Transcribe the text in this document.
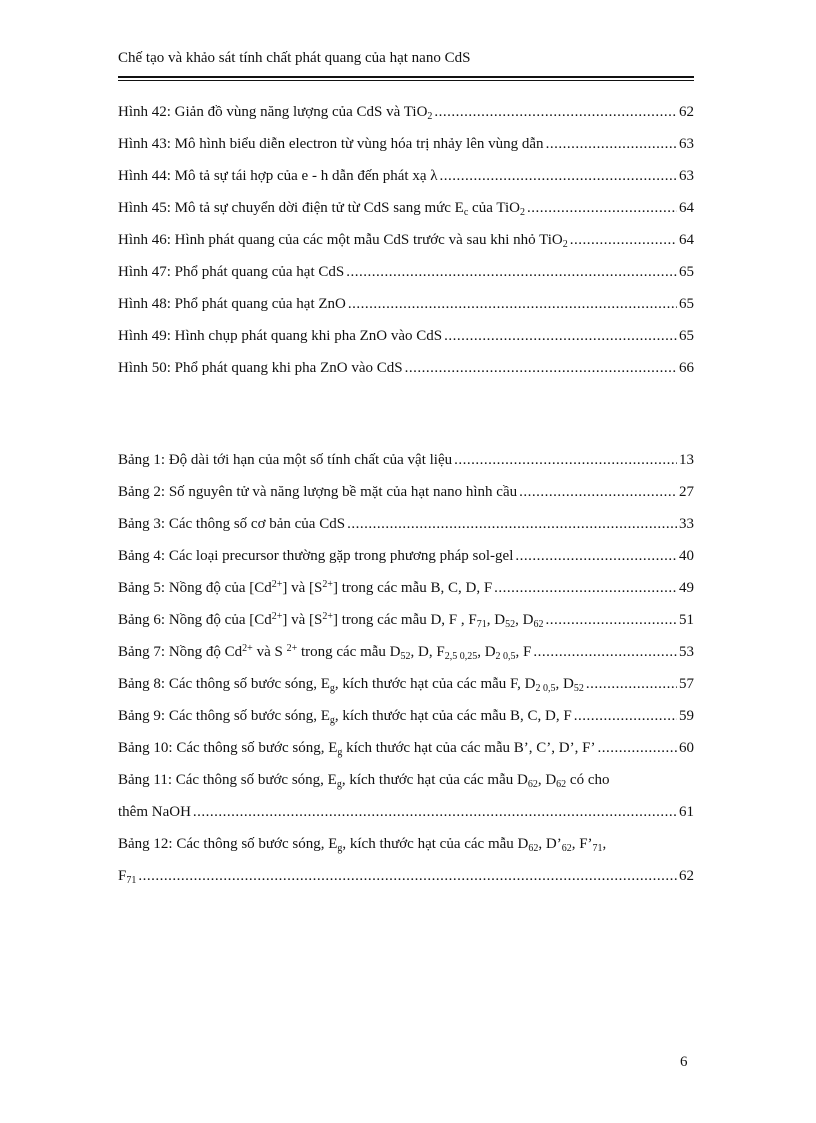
Chế tạo và khảo sát tính chất phát quang của hạt nano CdS
Hình 42: Giản đồ vùng năng lượng của CdS và TiO$_2$ .....	62
Hình 43: Mô hình biểu diễn electron từ vùng hóa trị nhảy lên vùng dẫn .....	63
Hình 44: Mô tả sự tái hợp của e - h dẫn đến phát xạ λ .....	63
Hình 45: Mô tả sự chuyển dời điện tử từ CdS sang mức $E_c$ của TiO$_2$ .....	64
Hình 46: Hình phát quang của các một mẫu CdS trước và sau khi nhỏ TiO$_2$ .....	64
Hình 47: Phổ phát quang của hạt CdS .....	65
Hình 48: Phổ phát quang của hạt ZnO .....	65
Hình 49: Hình chụp phát quang khi pha ZnO vào CdS .....	65
Hình 50: Phổ phát quang khi pha ZnO vào CdS .....	66
Bảng 1: Độ dài tới hạn của một số tính chất của vật liệu .....	13
Bảng 2: Số nguyên tử và năng lượng bề mặt của hạt nano hình cầu .....	27
Bảng 3: Các thông số cơ bản của CdS .....	33
Bảng 4: Các loại precursor thường gặp trong phương pháp sol-gel .....	40
Bảng 5: Nồng độ của $[Cd^{2+}]$ và $[S^{2+}]$ trong các mẫu B, C, D, F .....	49
Bảng 6: Nồng độ của $[Cd^{2+}]$ và $[S^{2+}]$ trong các mẫu D, F , $F_{71}$, $D_{52}$, $D_{62}$ .....	51
Bảng 7: Nồng độ $Cd^{2+}$ và S $^{2+}$ trong các mẫu $D_{52}$, D, $F_{2,5 0,25}$, $D_{2 0,5}$, F .....	53
Bảng 8: Các thông số bước sóng, $E_g$, kích thước hạt của các mẫu F, $D_{2 0,5}$, $D_{52}$ .....	57
Bảng 9: Các thông số bước sóng, $E_g$, kích thước hạt của các mẫu B, C, D, F .....	59
Bảng 10: Các thông số bước sóng, $E_g$ kích thước hạt của các mẫu B’, C’, D’, F’ .....	60
Bảng 11: Các thông số bước sóng, $E_g$, kích thước hạt của các mẫu $D_{62}$, $D_{62}$ có cho
thêm NaOH .....	61
Bảng 12: Các thông số bước sóng, $E_g$, kích thước hạt của các mẫu $D_{62}$, $D’_{62}$, $F’_{71}$,
$F_{71}$ .....	62
6
